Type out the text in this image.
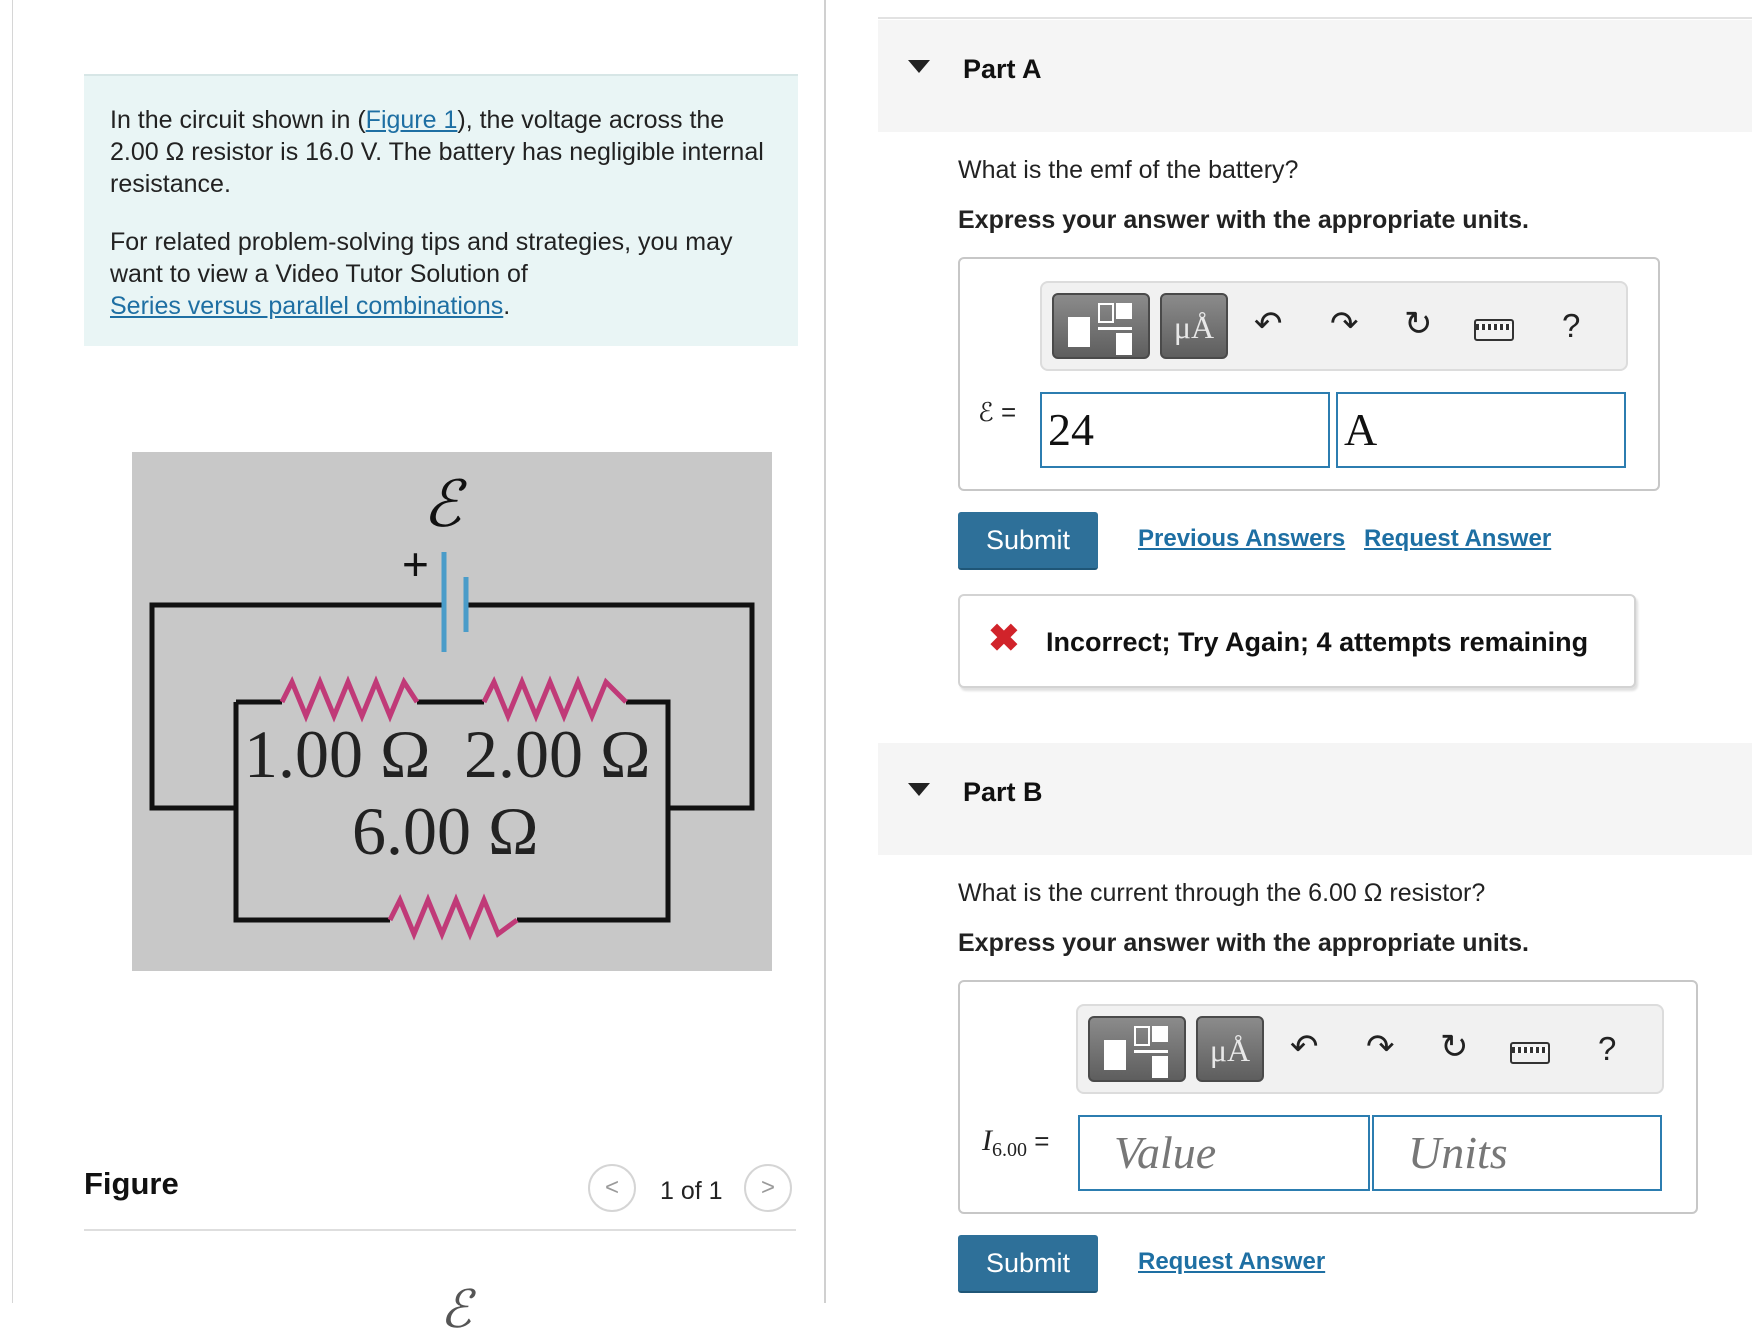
In the circuit shown in (Figure 1), the voltage across the 2.00 Ω resistor is 16.0 V. The battery has negligible internal resistance.

For related problem-solving tips and strategies, you may want to view a Video Tutor Solution of
Series versus parallel combinations.

+
ℰ
1.00 Ω 2.00 Ω
6.00 Ω
Figure	< 1 of 1 >
ℰ
Part A
What is the emf of the battery?
Express your answer with the appropriate units.
μÅ	↶ ↷ ↻	?
ℰ = 24	A
Submit	Previous Answers Request Answer
✖ Incorrect; Try Again; 4 attempts remaining
Part B
What is the current through the 6.00 Ω resistor?
Express your answer with the appropriate units.
μÅ	↶ ↷ ↻	?
$I_{6.00}$ =	Value	Units
Submit	Request Answer
